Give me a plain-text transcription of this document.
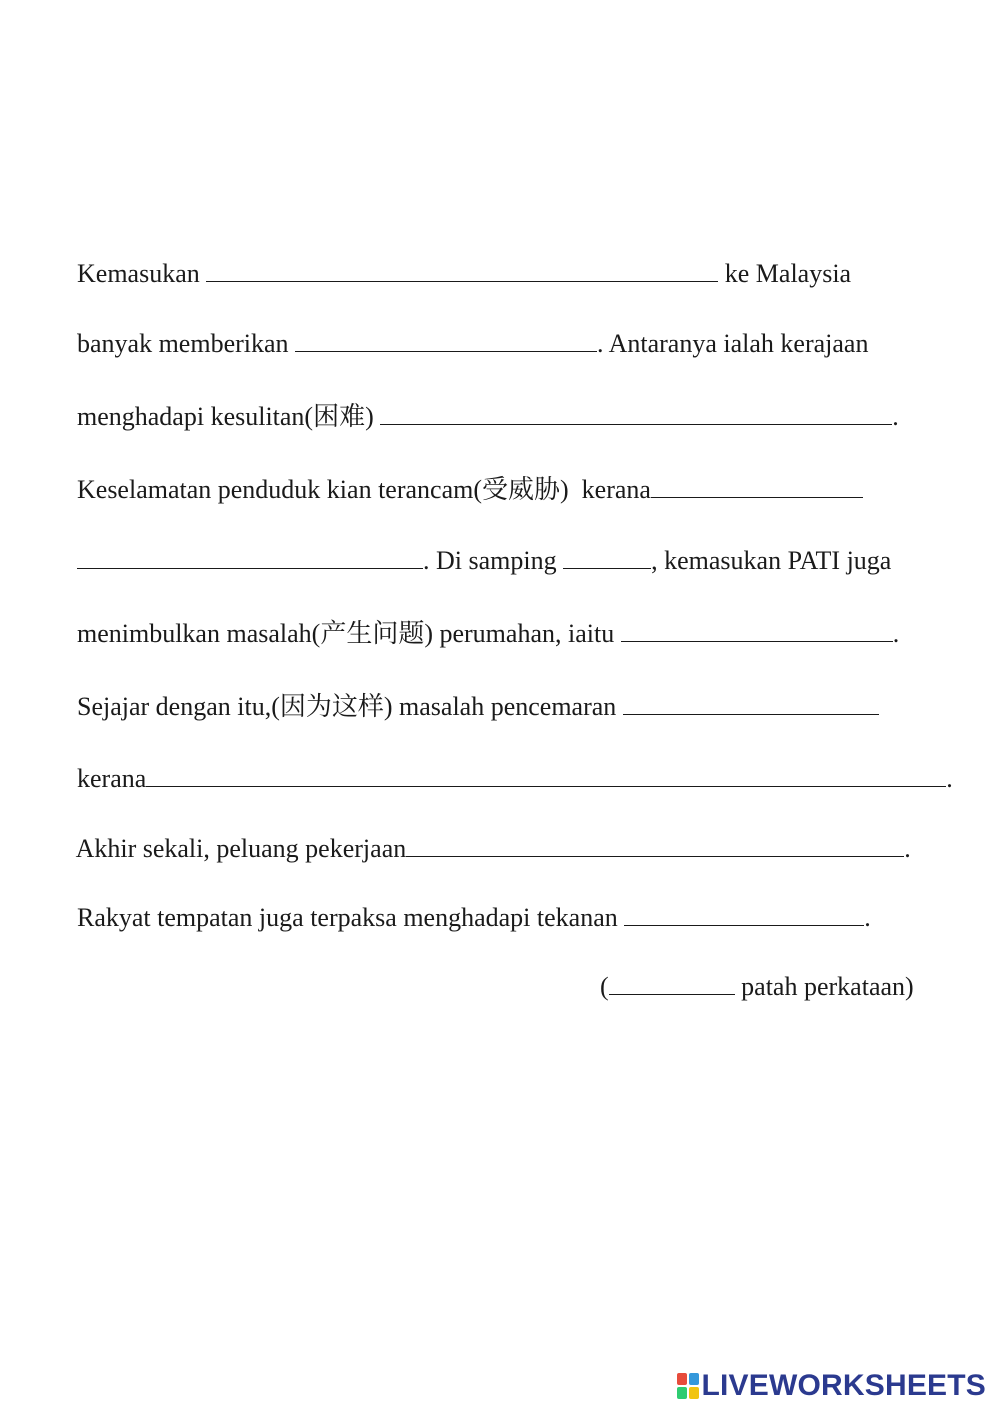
Kemasukan	ke Malaysia

banyak memberikan	. Antaranya ialah kerajaan

menghadapi kesulitan(困难)	.

Keselamatan penduduk kian terancam(受威胁)  kerana

. Di samping	, kemasukan PATI juga

menimbulkan masalah(产生问题) perumahan, iaitu	.

Sejajar dengan itu,(因为这样) masalah pencemaran

kerana	.

Akhir sekali, peluang pekerjaan	.

Rakyat tempatan juga terpaksa menghadapi tekanan	.

(	patah perkataan)

LIVEWORKSHEETS
